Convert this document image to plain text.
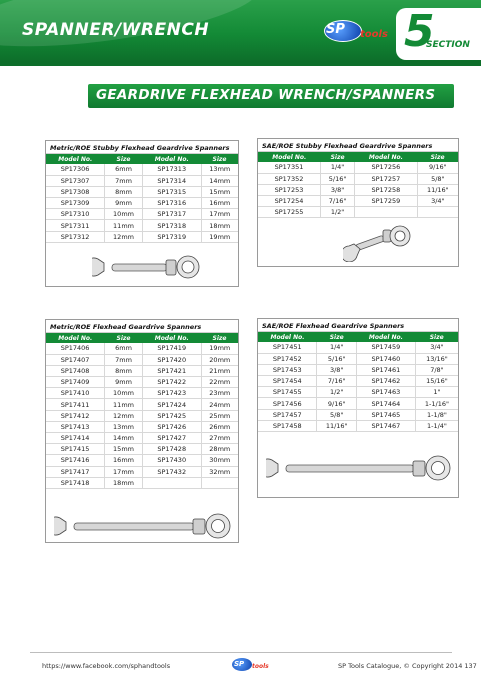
SPANNER/WRENCH	SP tools 5
SECTION
GEARDRIVE FLEXHEAD WRENCH/SPANNERS
Metric/ROE Stubby Flexhead Geardrive Spanners
Model No.	Size	Model No.	Size
SP17306	6mm	SP17313	13mm
SP17307	7mm	SP17314	14mm
SP17308	8mm	SP17315	15mm
SP17309	9mm	SP17316	16mm
SP17310	10mm	SP17317	17mm
SP17311	11mm	SP17318	18mm
SP17312	12mm	SP17319	19mm
SAE/ROE Stubby Flexhead Geardrive Spanners
Model No.	Size	Model No.	Size
SP17351	1/4"	SP17256	9/16"
SP17352	5/16"	SP17257	5/8"
SP17253	3/8"	SP17258	11/16"
SP17254	7/16"	SP17259	3/4"
SP17255	1/2"		
Metric/ROE Flexhead Geardrive Spanners
Model No.	Size	Model No.	Size
SP17406	6mm	SP17419	19mm
SP17407	7mm	SP17420	20mm
SP17408	8mm	SP17421	21mm
SP17409	9mm	SP17422	22mm
SP17410	10mm	SP17423	23mm
SP17411	11mm	SP17424	24mm
SP17412	12mm	SP17425	25mm
SP17413	13mm	SP17426	26mm
SP17414	14mm	SP17427	27mm
SP17415	15mm	SP17428	28mm
SP17416	16mm	SP17430	30mm
SP17417	17mm	SP17432	32mm
SP17418	18mm		
SAE/ROE Flexhead Geardrive Spanners
Model No.	Size	Model No.	Size
SP17451	1/4"	SP17459	3/4"
SP17452	5/16"	SP17460	13/16"
SP17453	3/8"	SP17461	7/8"
SP17454	7/16"	SP17462	15/16"
SP17455	1/2"	SP17463	1"
SP17456	9/16"	SP17464	1-1/16"
SP17457	5/8"	SP17465	1-1/8"
SP17458	11/16"	SP17467	1-1/4"
https://www.facebook.com/sphandtools	SP tools	SP Tools Catalogue, © Copyright 2014 137
